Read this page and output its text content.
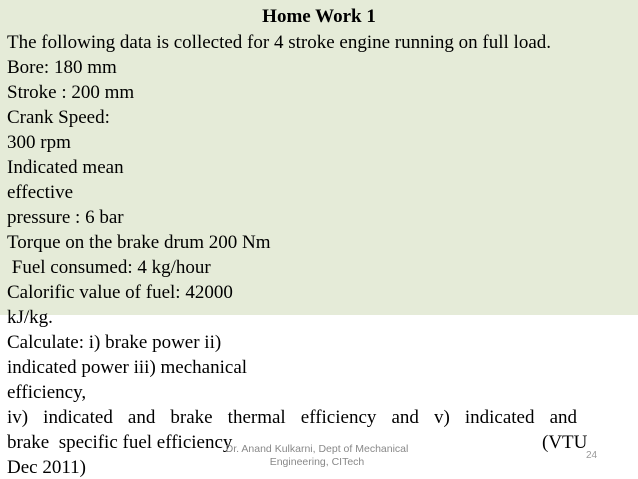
Home Work 1
The following data is collected for 4 stroke engine running on full load.
Bore: 180 mm
Stroke : 200 mm
Crank Speed:
300 rpm
Indicated mean
effective
pressure : 6 bar
Torque on the brake drum 200 Nm
Fuel consumed: 4 kg/hour
Calorific value of fuel: 42000
kJ/kg.
Calculate: i) brake power ii)
indicated power iii) mechanical
efficiency,
iv) indicated and brake thermal efficiency and v) indicated and
brake  specific fuel efficiency	(VTU
Dec 2011)
Dr. Anand Kulkarni, Dept of Mechanical Engineering, CITech
24
